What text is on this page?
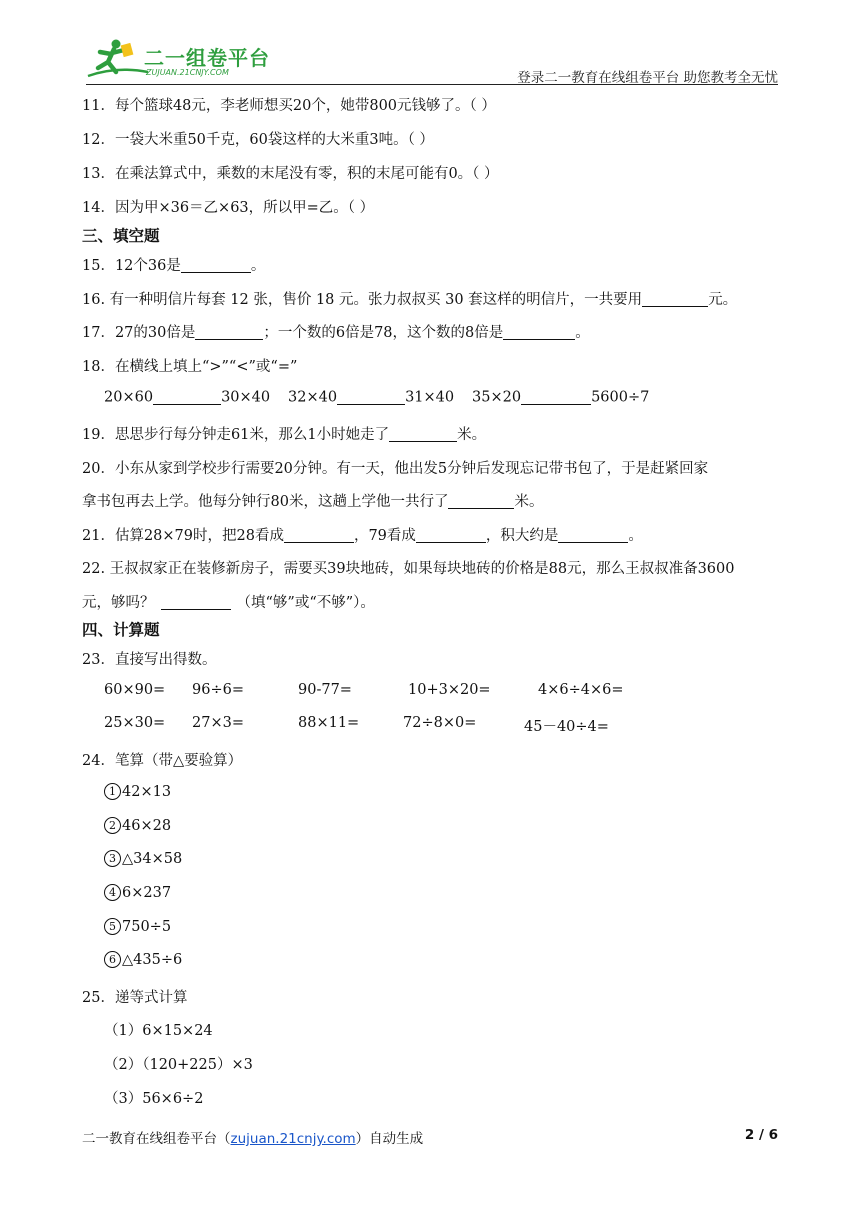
二一组卷平台
ZUJUAN.21CNJY.COM	登录二一教育在线组卷平台 助您教考全无忧
11．每个篮球48元，李老师想买20个，她带800元钱够了。（ ）
12．一袋大米重50千克，60袋这样的大米重3吨。（ ）
13．在乘法算式中，乘数的末尾没有零，积的末尾可能有0。（ ）
14．因为甲×36＝乙×63，所以甲=乙。（ ）
三、填空题
15．12个36是	。
16. 有一种明信片每套 12 张，售价 18 元。张力叔叔买 30 套这样的明信片，一共要用	元。
17．27的30倍是	；一个数的6倍是78，这个数的8倍是	。
18．在横线上填上“>”“<”或“=”
20×60	30×40 32×40	31×40 35×20	5600÷7
19．思思步行每分钟走61米，那么1小时她走了	米。
20．小东从家到学校步行需要20分钟。有一天，他出发5分钟后发现忘记带书包了，于是赶紧回家
拿书包再去上学。他每分钟行80米，这趟上学他一共行了	米。
21．估算28×79时，把28看成	，79看成	，积大约是	。
22. 王叔叔家正在装修新房子，需要买39块地砖，如果每块地砖的价格是88元，那么王叔叔准备3600
元，够吗？	（填“够”或“不够”）。
四、计算题
23．直接写出得数。
60×90= 96÷6=	90-77=	10+3×20=	4×6÷4×6=
25×30= 27×3=	88×11=	72÷8×0=	45－40÷4=
24．笔算（带△要验算）
1 42×13
2 46×28
3 △34×58
4 6×237
5 750÷5
6 △435÷6
25．递等式计算
（1）6×15×24
（2）（120+225）×3
（3）56×6÷2
二一教育在线组卷平台（zujuan.21cnjy.com）自动生成	2 / 6
